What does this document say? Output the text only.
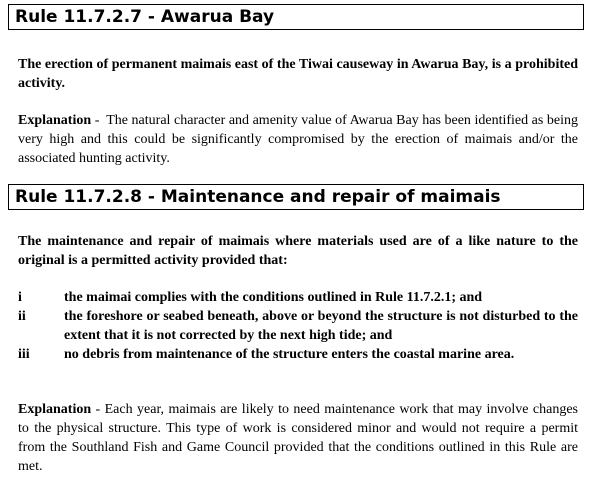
Rule 11.7.2.7 - Awarua Bay
The erection of permanent maimais east of the Tiwai causeway in Awarua Bay, is a prohibited activity.
Explanation -  The natural character and amenity value of Awarua Bay has been identified as being very high and this could be significantly compromised by the erection of maimais and/or the associated hunting activity.
Rule 11.7.2.8 - Maintenance and repair of maimais
The maintenance and repair of maimais where materials used are of a like nature to the original is a permitted activity provided that:
i	the maimai complies with the conditions outlined in Rule 11.7.2.1; and
ii	the foreshore or seabed beneath, above or beyond the structure is not disturbed to the extent that it is not corrected by the next high tide; and
iii no debris from maintenance of the structure enters the coastal marine area.
Explanation - Each year, maimais are likely to need maintenance work that may involve changes to the physical structure. This type of work is considered minor and would not require a permit from the Southland Fish and Game Council provided that the conditions outlined in this Rule are met.
